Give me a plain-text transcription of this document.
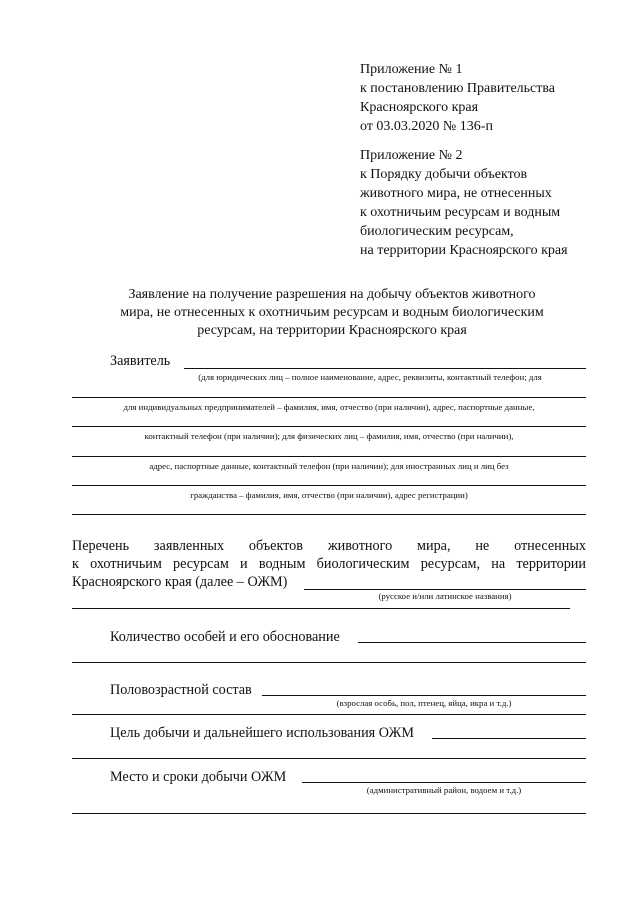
Приложение № 1
к постановлению Правительства
Красноярского края
от 03.03.2020 № 136-п
Приложение № 2
к Порядку добычи объектов
животного мира, не отнесенных
к охотничьим ресурсам и водным
биологическим ресурсам,
на территории Красноярского края
Заявление на получение разрешения на добычу объектов животного
мира, не отнесенных к охотничьим ресурсам и водным биологическим
ресурсам, на территории Красноярского края
Заявитель
(для юридических лиц – полное наименование, адрес, реквизиты, контактный телефон; для
для индивидуальных предпринимателей – фамилия, имя, отчество (при наличии), адрес, паспортные данные,
контактный телефон (при наличии); для физических лиц – фамилия, имя, отчество (при наличии),
адрес, паспортные данные, контактный телефон (при наличии); для иностранных лиц и лиц без
гражданства – фамилия, имя, отчество (при наличии), адрес регистрации)
Перечень заявленных объектов животного мира, не отнесенных
к охотничьим ресурсам и водным биологическим ресурсам, на территории
Красноярского края (далее – ОЖМ)
(русское и/или латинское названия)
Количество особей и его обоснование
Половозрастной состав
(взрослая особь, пол, птенец, яйца, икра и т.д.)
Цель добычи и дальнейшего использования ОЖМ
Место и сроки добычи ОЖМ
(административный район, водоем и т.д.)
